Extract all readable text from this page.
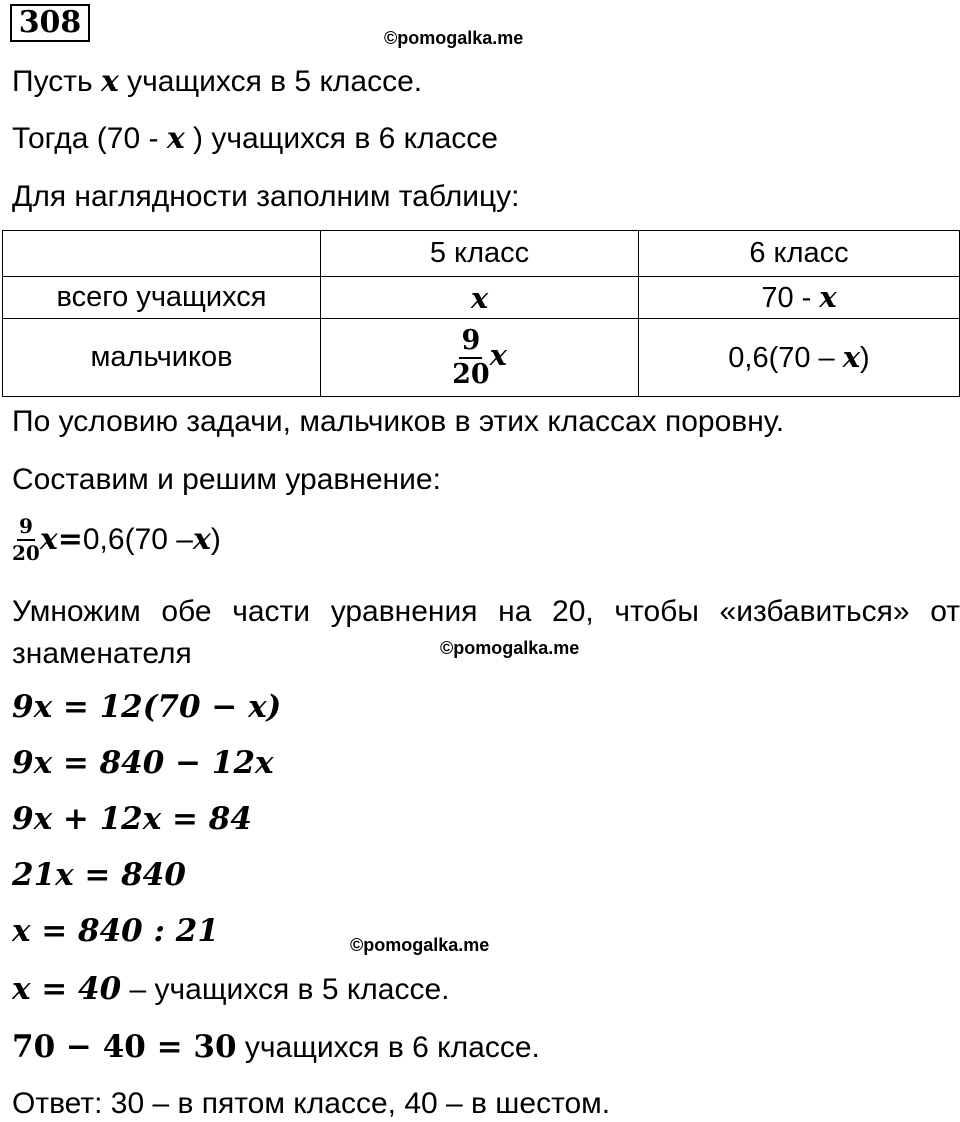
308	©pomogalka.me
Пусть x учащихся в 5 классе.
Тогда (70 - x ) учащихся в 6 классе
Для наглядности заполним таблицу:
	5 класс	6 класс
всего учащихся	x	70 - x
мальчиков	$\frac{9}{20}$ x	0,6(70 – x)
По условию задачи, мальчиков в этих классах поровну.
Составим и решим уравнение:
$\frac{9}{20}$ x = 0,6(70 – x )
Умножим обе части уравнения на 20, чтобы «избавиться» от
знаменателя	©pomogalka.me
9x = 12(70 − x)
9x = 840 − 12x
9x + 12x = 84
21x = 840
x = 840 : 21	©pomogalka.me
x = 40 – учащихся в 5 классе.
70 − 40 = 30 учащихся в 6 классе.
Ответ: 30 – в пятом классе, 40 – в шестом.
